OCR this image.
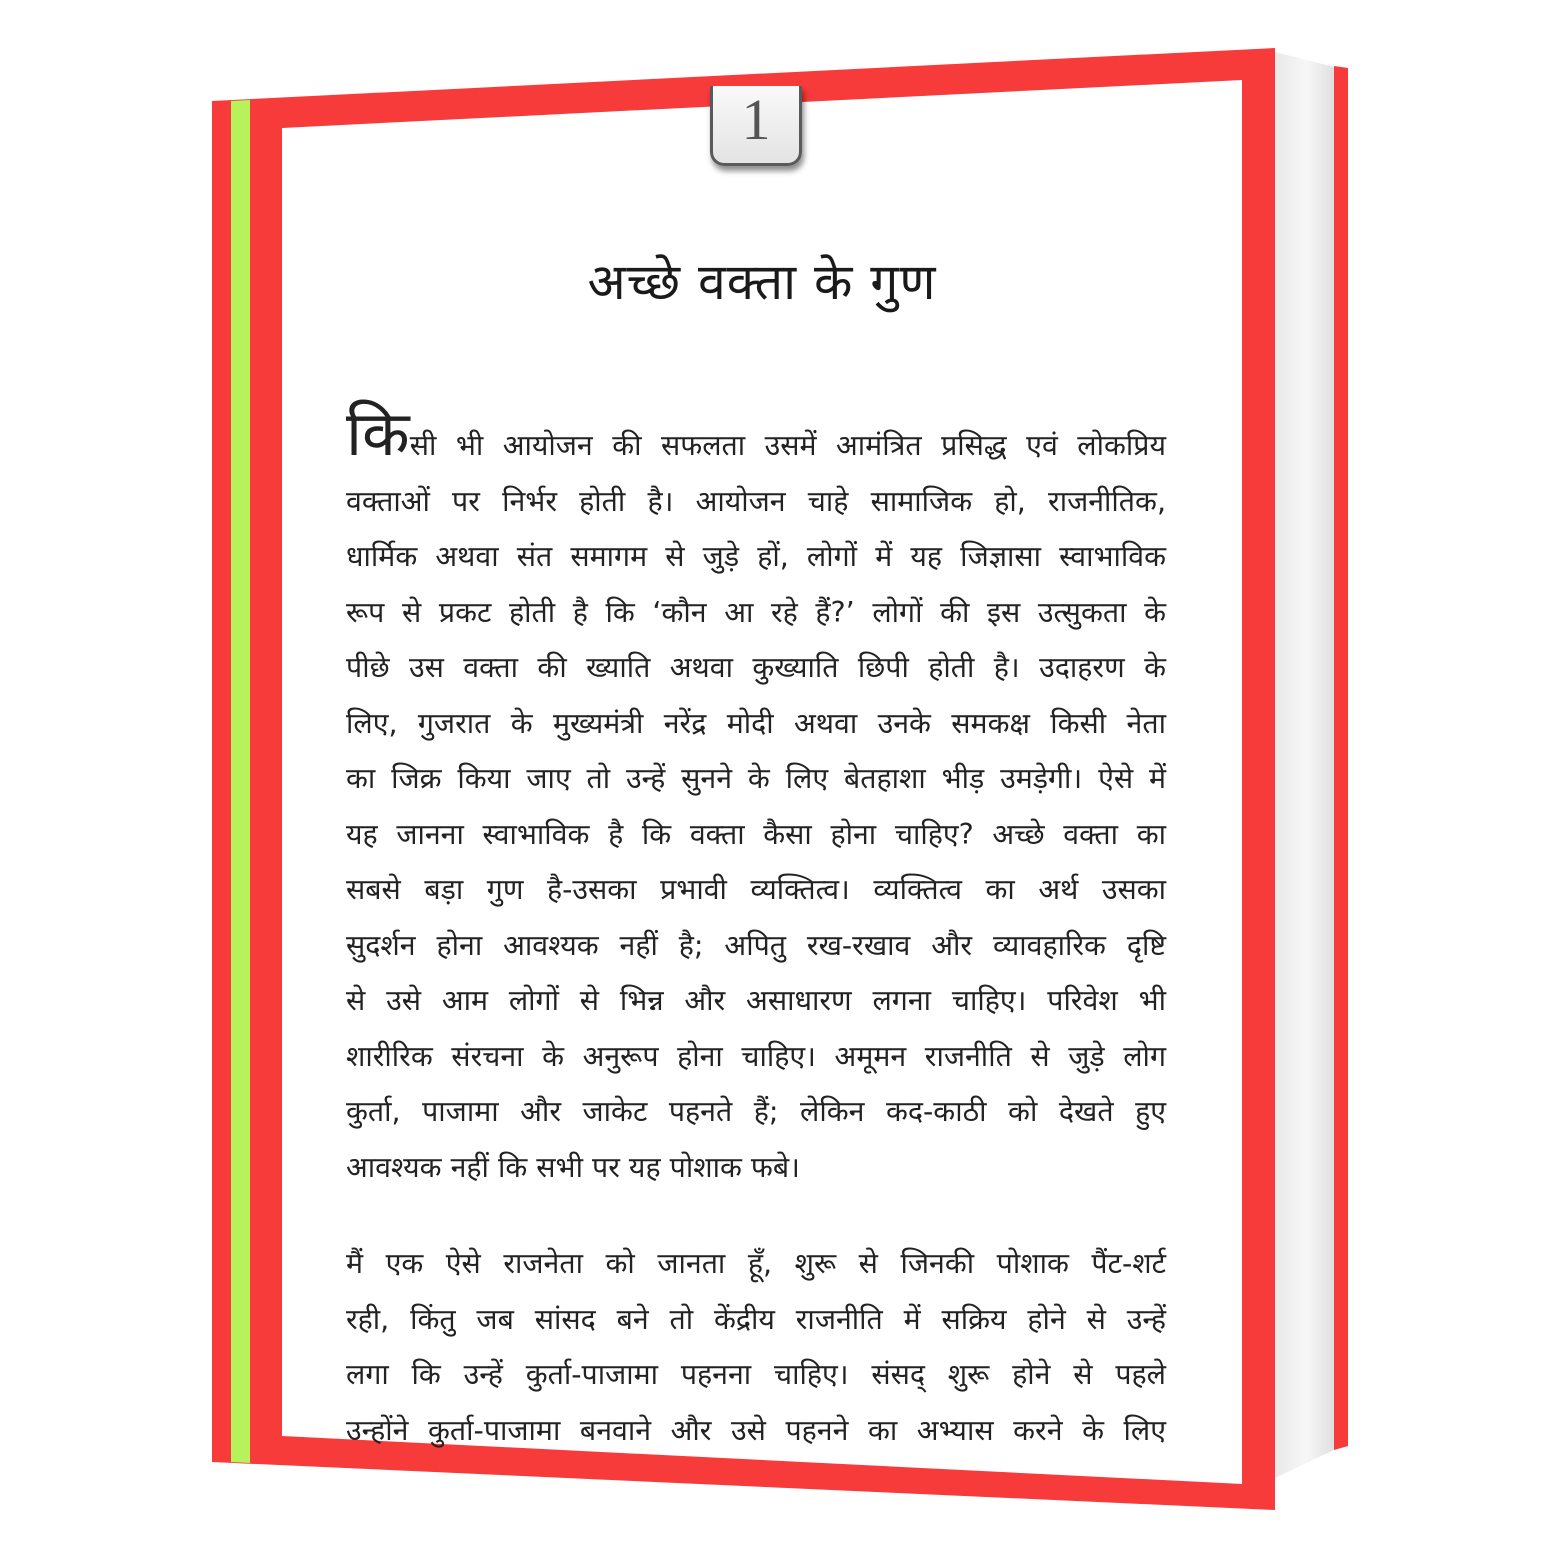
1
अच्छे वक्ता के गुण
किसी भी आयोजन की सफलता उसमें आमंत्रित प्रसिद्ध एवं लोकप्रिय
वक्ताओं पर निर्भर होती है। आयोजन चाहे सामाजिक हो, राजनीतिक,
धार्मिक अथवा संत समागम से जुड़े हों, लोगों में यह जिज्ञासा स्वाभाविक
रूप से प्रकट होती है कि ‘कौन आ रहे हैं?’ लोगों की इस उत्सुकता के
पीछे उस वक्ता की ख्याति अथवा कुख्याति छिपी होती है। उदाहरण के
लिए, गुजरात के मुख्यमंत्री नरेंद्र मोदी अथवा उनके समकक्ष किसी नेता
का जिक्र किया जाए तो उन्हें सुनने के लिए बेतहाशा भीड़ उमड़ेगी। ऐसे में
यह जानना स्वाभाविक है कि वक्ता कैसा होना चाहिए? अच्छे वक्ता का
सबसे बड़ा गुण है-उसका प्रभावी व्यक्तित्व। व्यक्तित्व का अर्थ उसका
सुदर्शन होना आवश्यक नहीं है; अपितु रख-रखाव और व्यावहारिक दृष्टि
से उसे आम लोगों से भिन्न और असाधारण लगना चाहिए। परिवेश भी
शारीरिक संरचना के अनुरूप होना चाहिए। अमूमन राजनीति से जुड़े लोग
कुर्ता, पाजामा और जाकेट पहनते हैं; लेकिन कद-काठी को देखते हुए
आवश्यक नहीं कि सभी पर यह पोशाक फबे।
मैं एक ऐसे राजनेता को जानता हूँ, शुरू से जिनकी पोशाक पैंट-शर्ट
रही, किंतु जब सांसद बने तो केंद्रीय राजनीति में सक्रिय होने से उन्हें
लगा कि उन्हें कुर्ता-पाजामा पहनना चाहिए। संसद् शुरू होने से पहले
उन्होंने कुर्ता-पाजामा बनवाने और उसे पहनने का अभ्यास करने के लिए
